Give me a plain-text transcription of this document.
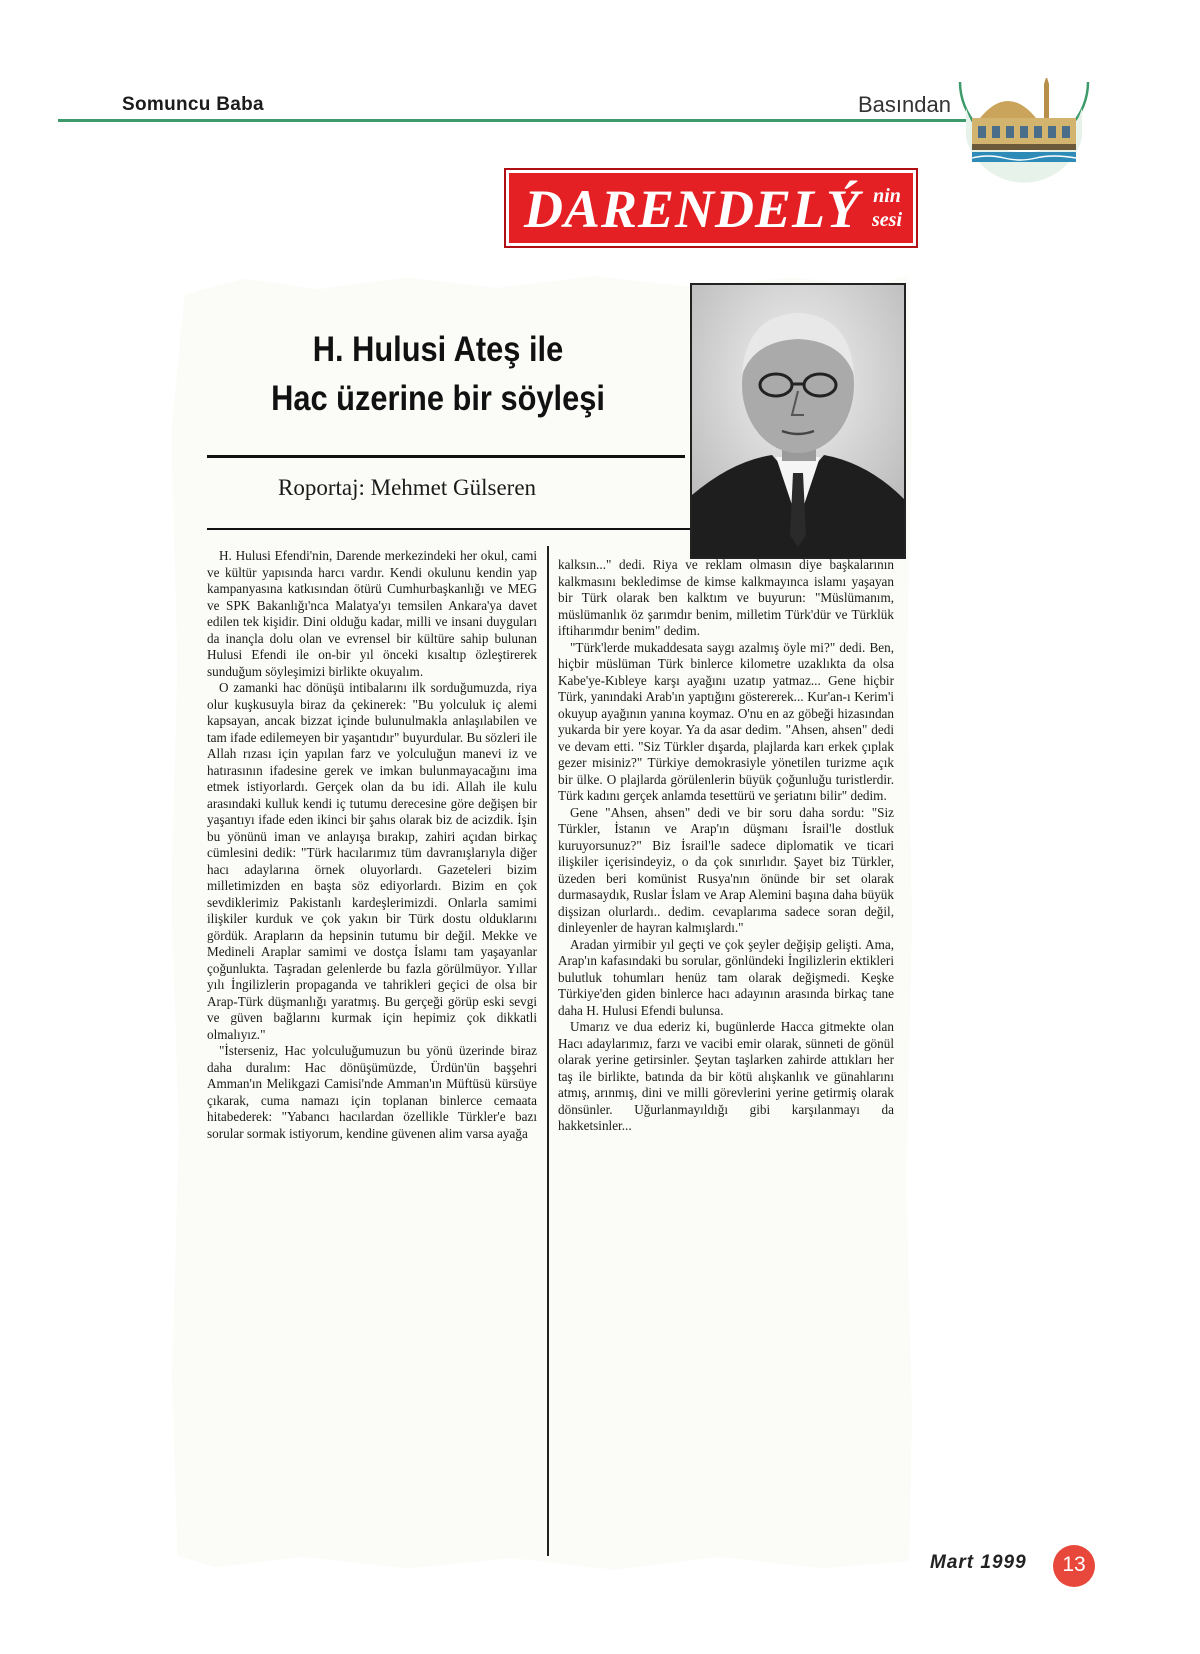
Somuncu Baba	Basından
DARENDELÝ nin
sesi
H. Hulusi Ateş ile
Hac üzerine bir söyleşi
Roportaj: Mehmet Gülseren

H. Hulusi Efendi'nin, Darende merkezindeki her okul, cami ve kültür yapısında harcı vardır. Kendi okulunu kendin yap kampanyasına katkısından ötürü Cumhurbaşkanlığı ve MEG ve SPK Bakanlığı'nca Malatya'yı temsilen Ankara'ya davet edilen tek kişidir. Dini olduğu kadar, milli ve insani duyguları da inançla dolu olan ve evrensel bir kültüre sahip bulunan Hulusi Efendi ile on-bir yıl önceki kısaltıp özleştirerek sunduğum söyleşimizi birlikte okuyalım.

O zamanki hac dönüşü intibalarını ilk sorduğumuzda, riya olur kuşkusuyla biraz da çekinerek: "Bu yolculuk iç alemi kapsayan, ancak bizzat içinde bulunulmakla anlaşılabilen ve tam ifade edilemeyen bir yaşantıdır" buyurdular. Bu sözleri ile Allah rızası için yapılan farz ve yolculuğun manevi iz ve hatırasının ifadesine gerek ve imkan bulunmayacağını ima etmek istiyorlardı. Gerçek olan da bu idi. Allah ile kulu arasındaki kulluk kendi iç tutumu derecesine göre değişen bir yaşantıyı ifade eden ikinci bir şahıs olarak biz de acizdik. İşin bu yönünü iman ve anlayışa bırakıp, zahiri açıdan birkaç cümlesini dedik: "Türk hacılarımız tüm davranışlarıyla diğer hacı adaylarına örnek oluyorlardı. Gazeteleri bizim milletimizden en başta söz ediyorlardı. Bizim en çok sevdiklerimiz Pakistanlı kardeşlerimizdi. Onlarla samimi ilişkiler kurduk ve çok yakın bir Türk dostu olduklarını gördük. Arapların da hepsinin tutumu bir değil. Mekke ve Medineli Araplar samimi ve dostça İslamı tam yaşayanlar çoğunlukta. Taşradan gelenlerde bu fazla görülmüyor. Yıllar yılı İngilizlerin propaganda ve tahrikleri geçici de olsa bir Arap-Türk düşmanlığı yaratmış. Bu gerçeği görüp eski sevgi ve güven bağlarını kurmak için hepimiz çok dikkatli olmalıyız."

"İsterseniz, Hac yolculuğumuzun bu yönü üzerinde biraz daha duralım: Hac dönüşümüzde, Ürdün'ün başşehri Amman'ın Melikgazi Camisi'nde Amman'ın Müftüsü kürsüye çıkarak, cuma namazı için toplanan binlerce cemaata hitabederek: "Yabancı hacılardan özellikle Türkler'e bazı sorular sormak istiyorum, kendine güvenen alim varsa ayağa

kalksın..." dedi. Riya ve reklam olmasın diye başkalarının kalkmasını bekledimse de kimse kalkmayınca islamı yaşayan bir Türk olarak ben kalktım ve buyurun: "Müslümanım, müslümanlık öz şarımdır benim, milletim Türk'dür ve Türklük iftiharımdır benim" dedim.

"Türk'lerde mukaddesata saygı azalmış öyle mi?" dedi. Ben, hiçbir müslüman Türk binlerce kilometre uzaklıkta da olsa Kabe'ye-Kıbleye karşı ayağını uzatıp yatmaz... Gene hiçbir Türk, yanındaki Arab'ın yaptığını göstererek... Kur'an-ı Kerim'i okuyup ayağının yanına koymaz. O'nu en az göbeği hizasından yukarda bir yere koyar. Ya da asar dedim. "Ahsen, ahsen" dedi ve devam etti. "Siz Türkler dışarda, plajlarda karı erkek çıplak gezer misiniz?" Türkiye demokrasiyle yönetilen turizme açık bir ülke. O plajlarda görülenlerin büyük çoğunluğu turistlerdir. Türk kadını gerçek anlamda tesettürü ve şeriatını bilir" dedim.

Gene "Ahsen, ahsen" dedi ve bir soru daha sordu: "Siz Türkler, İstanın ve Arap'ın düşmanı İsrail'le dostluk kuruyorsunuz?" Biz İsrail'le sadece diplomatik ve ticari ilişkiler içerisindeyiz, o da çok sınırlıdır. Şayet biz Türkler, üzeden beri komünist Rusya'nın önünde bir set olarak durmasaydık, Ruslar İslam ve Arap Alemini başına daha büyük dişsizan olurlardı.. dedim. cevaplarıma sadece soran değil, dinleyenler de hayran kalmışlardı."

Aradan yirmibir yıl geçti ve çok şeyler değişip gelişti. Ama, Arap'ın kafasındaki bu sorular, gönlündeki İngilizlerin ektikleri bulutluk tohumları henüz tam olarak değişmedi. Keşke Türkiye'den giden binlerce hacı adayının arasında birkaç tane daha H. Hulusi Efendi bulunsa.

Umarız ve dua ederiz ki, bugünlerde Hacca gitmekte olan Hacı adaylarımız, farzı ve vacibi emir olarak, sünneti de gönül olarak yerine getirsinler. Şeytan taşlarken zahirde attıkları her taş ile birlikte, batında da bir kötü alışkanlık ve günahlarını atmış, arınmış, dini ve milli görevlerini yerine getirmiş olarak dönsünler. Uğurlanmayıldığı gibi karşılanmayı da hakketsinler...

Mart 1999	13
